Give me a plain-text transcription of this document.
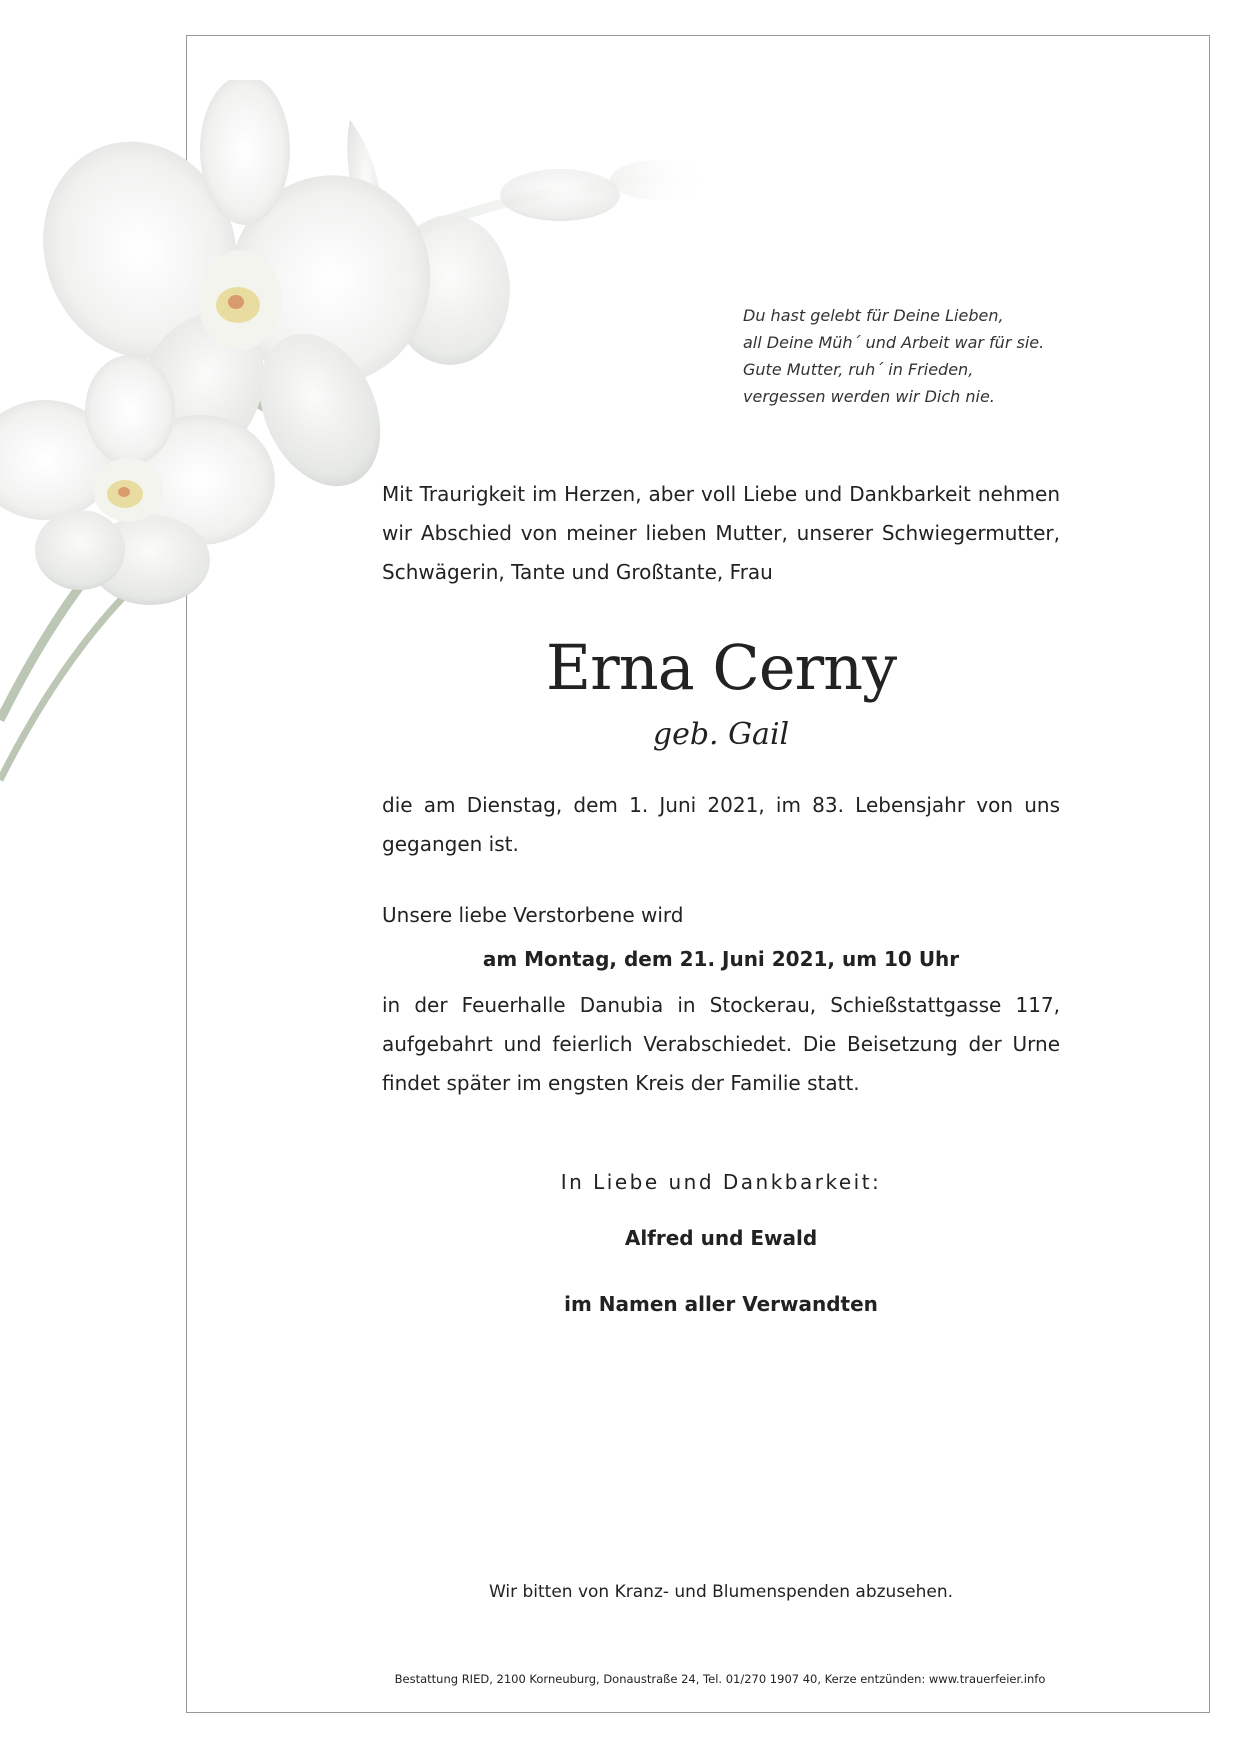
Du hast gelebt für Deine Lieben,
all Deine Müh´ und Arbeit war für sie.
Gute Mutter, ruh´ in Frieden,
vergessen werden wir Dich nie.
Mit Traurigkeit im Herzen, aber voll Liebe und Dankbarkeit nehmen wir Abschied von meiner lieben Mutter, unserer Schwiegermutter, Schwägerin, Tante und Großtante, Frau
Erna Cerny
geb. Gail
die am Dienstag, dem 1. Juni 2021, im 83. Lebensjahr von uns gegangen ist.
Unsere liebe Verstorbene wird
am Montag, dem 21. Juni 2021, um 10 Uhr
in der Feuerhalle Danubia in Stockerau, Schießstattgasse 117, aufgebahrt und feierlich Verabschiedet. Die Beisetzung der Urne findet später im engsten Kreis der Familie statt.
In Liebe und Dankbarkeit:
Alfred und Ewald
im Namen aller Verwandten
Wir bitten von Kranz- und Blumenspenden abzusehen.
Bestattung RIED, 2100 Korneuburg, Donaustraße 24, Tel. 01/270 1907 40, Kerze entzünden: www.trauerfeier.info
